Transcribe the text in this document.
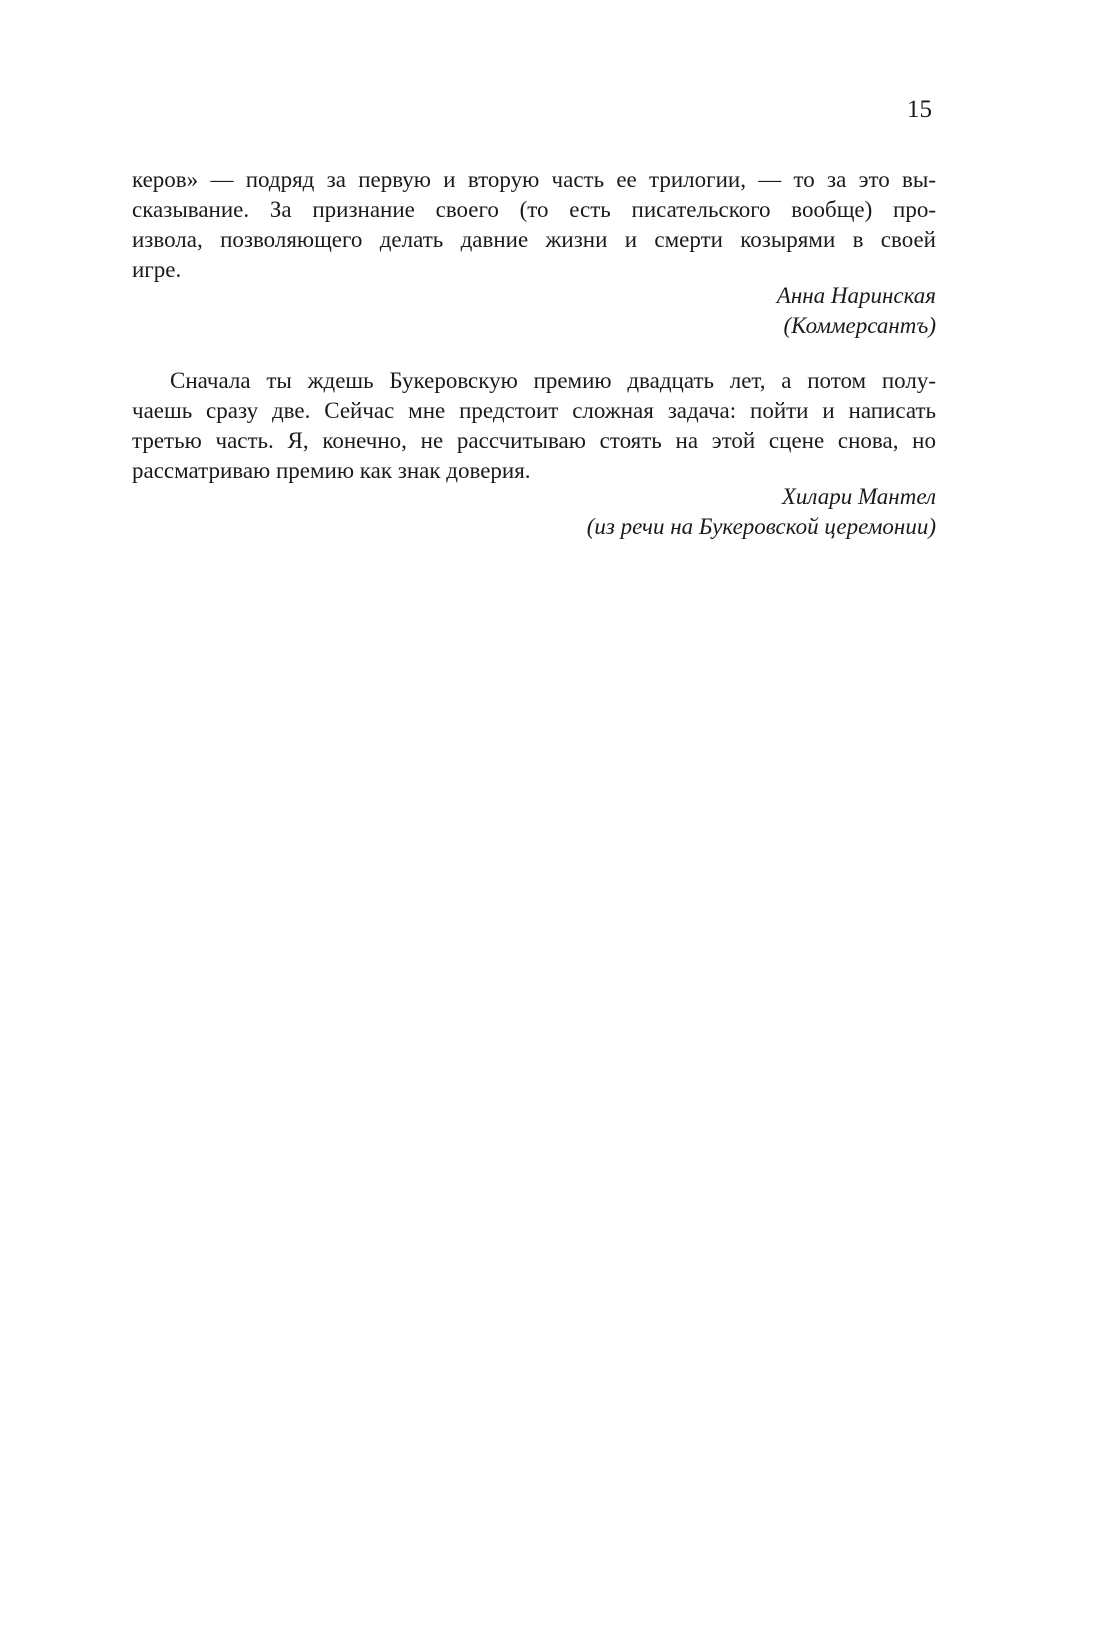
15
керов» — подряд за первую и вторую часть ее трилогии, — то за это вы-
сказывание. За признание своего (то есть писательского вообще) про-
извола, позволяющего делать давние жизни и смерти козырями в своей
игре.
Анна Наринская
(Коммерсантъ)
Сначала ты ждешь Букеровскую премию двадцать лет, а потом полу-
чаешь сразу две. Сейчас мне предстоит сложная задача: пойти и написать
третью часть. Я, конечно, не рассчитываю стоять на этой сцене снова, но
рассматриваю премию как знак доверия.
Хилари Мантел
(из речи на Букеровской церемонии)
